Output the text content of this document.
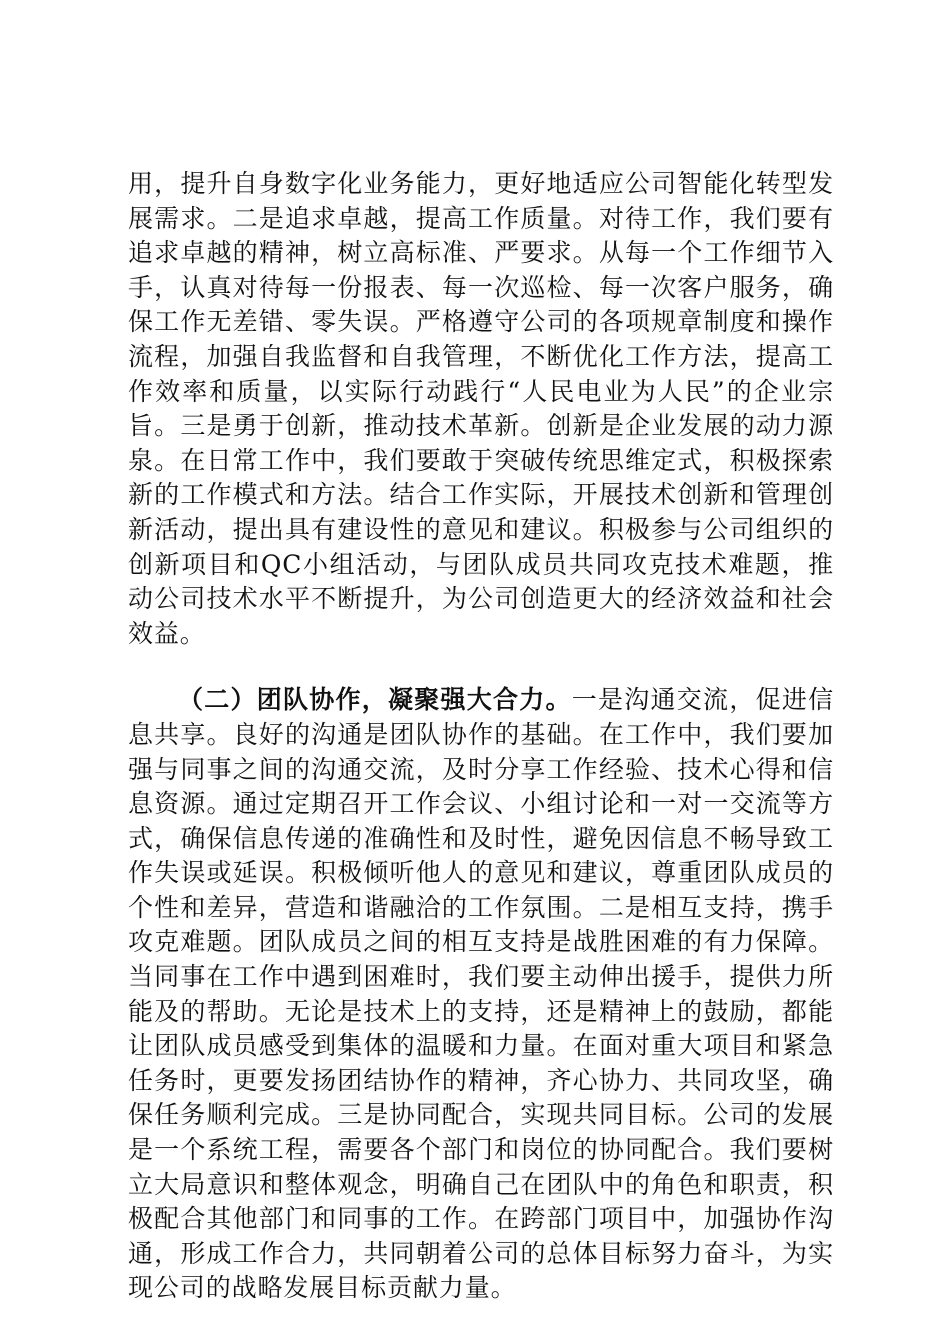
用，提升自身数字化业务能力，更好地适应公司智能化转型发展需求。二是追求卓越，提高工作质量。对待工作，我们要有追求卓越的精神，树立高标准、严要求。从每一个工作细节入手，认真对待每一份报表、每一次巡检、每一次客户服务，确保工作无差错、零失误。严格遵守公司的各项规章制度和操作流程，加强自我监督和自我管理，不断优化工作方法，提高工作效率和质量，以实际行动践行“人民电业为人民”的企业宗旨。三是勇于创新，推动技术革新。创新是企业发展的动力源泉。在日常工作中，我们要敢于突破传统思维定式，积极探索新的工作模式和方法。结合工作实际，开展技术创新和管理创新活动，提出具有建设性的意见和建议。积极参与公司组织的创新项目和QC小组活动，与团队成员共同攻克技术难题，推动公司技术水平不断提升，为公司创造更大的经济效益和社会效益。

（二）团队协作，凝聚强大合力。一是沟通交流，促进信息共享。良好的沟通是团队协作的基础。在工作中，我们要加强与同事之间的沟通交流，及时分享工作经验、技术心得和信息资源。通过定期召开工作会议、小组讨论和一对一交流等方式，确保信息传递的准确性和及时性，避免因信息不畅导致工作失误或延误。积极倾听他人的意见和建议，尊重团队成员的个性和差异，营造和谐融洽的工作氛围。二是相互支持，携手攻克难题。团队成员之间的相互支持是战胜困难的有力保障。当同事在工作中遇到困难时，我们要主动伸出援手，提供力所能及的帮助。无论是技术上的支持，还是精神上的鼓励，都能让团队成员感受到集体的温暖和力量。在面对重大项目和紧急任务时，更要发扬团结协作的精神，齐心协力、共同攻坚，确保任务顺利完成。三是协同配合，实现共同目标。公司的发展是一个系统工程，需要各个部门和岗位的协同配合。我们要树立大局意识和整体观念，明确自己在团队中的角色和职责，积极配合其他部门和同事的工作。在跨部门项目中，加强协作沟通，形成工作合力，共同朝着公司的总体目标努力奋斗，为实现公司的战略发展目标贡献力量。
